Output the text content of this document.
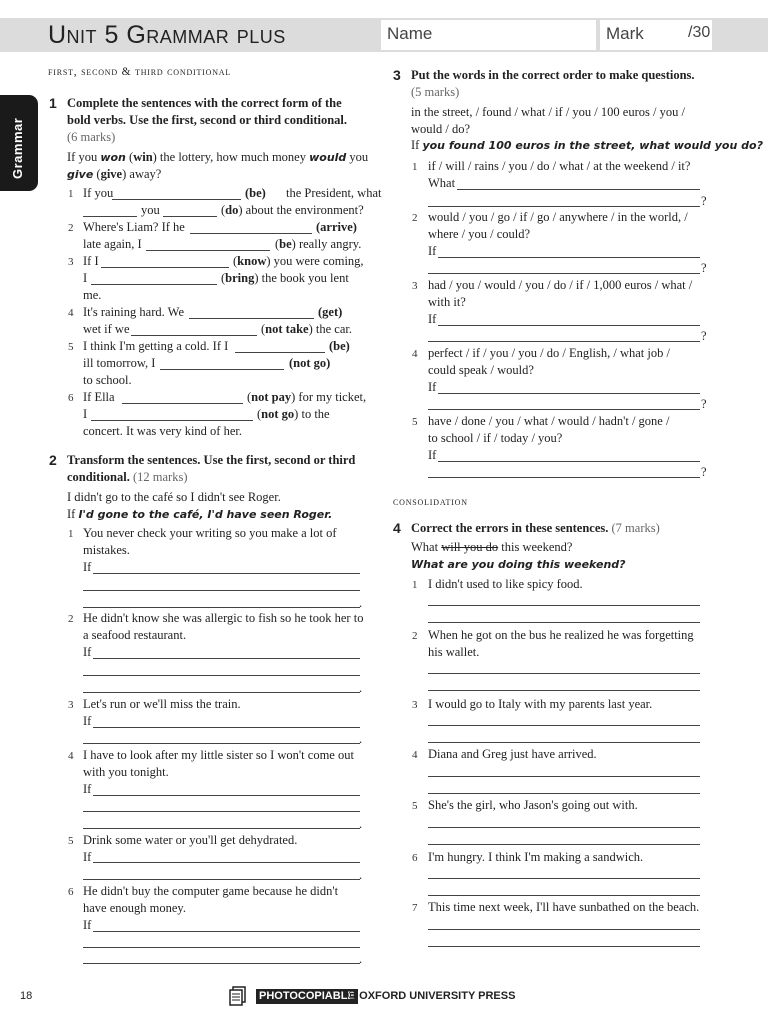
Unit 5 Grammar plus	Name	Mark	/30
Grammar
first, second & third conditional
1 Complete the sentences with the correct form of the
bold verbs. Use the first, second or third conditional.
(6 marks)
If you won (win) the lottery, how much money would you
give (give) away?
1 If you	(be) the President, what
you	(do) about the environment?
2 Where's Liam? If he	(arrive)
late again, I	(be) really angry.
3 If I	(know) you were coming,
I	(bring) the book you lent
me.
4 It's raining hard. We	(get)
wet if we	(not take) the car.
5 I think I'm getting a cold. If I	(be)
ill tomorrow, I	(not go)
to school.
6 If Ella	(not pay) for my ticket,
I	(not go) to the
concert. It was very kind of her.
2 Transform the sentences. Use the first, second or third
conditional. (12 marks)
I didn't go to the café so I didn't see Roger.
If I'd gone to the café, I'd have seen Roger.
1 You never check your writing so you make a lot of
mistakes.
If
.
2 He didn't know she was allergic to fish so he took her to
a seafood restaurant.
If
.
3 Let's run or we'll miss the train.
If
.
4 I have to look after my little sister so I won't come out
with you tonight.
If
.
5 Drink some water or you'll get dehydrated.
If
.
6 He didn't buy the computer game because he didn't
have enough money.
If
.
3 Put the words in the correct order to make questions.
(5 marks)
in the street, / found / what / if / you / 100 euros / you /
would / do?
If you found 100 euros in the street, what would you do?
1 if / will / rains / you / do / what / at the weekend / it?
What
?
2 would / you / go / if / go / anywhere / in the world, /
where / you / could?
If
?
3 had / you / would / you / do / if / 1,000 euros / what /
with it?
If
?
4 perfect / if / you / you / do / English, / what job /
could speak / would?
If
?
5 have / done / you / what / would / hadn't / gone /
to school / if / today / you?
If
?
consolidation
4 Correct the errors in these sentences. (7 marks)
What will you do this weekend?
What are you doing this weekend?
1 I didn't used to like spicy food.
2 When he got on the bus he realized he was forgetting
his wallet.
3 I would go to Italy with my parents last year.
4 Diana and Greg just have arrived.
5 She's the girl, who Jason's going out with.
6 I'm hungry. I think I'm making a sandwich.
7 This time next week, I'll have sunbathed on the beach.
18	PHOTOCOPIABLE
© OXFORD UNIVERSITY PRESS
